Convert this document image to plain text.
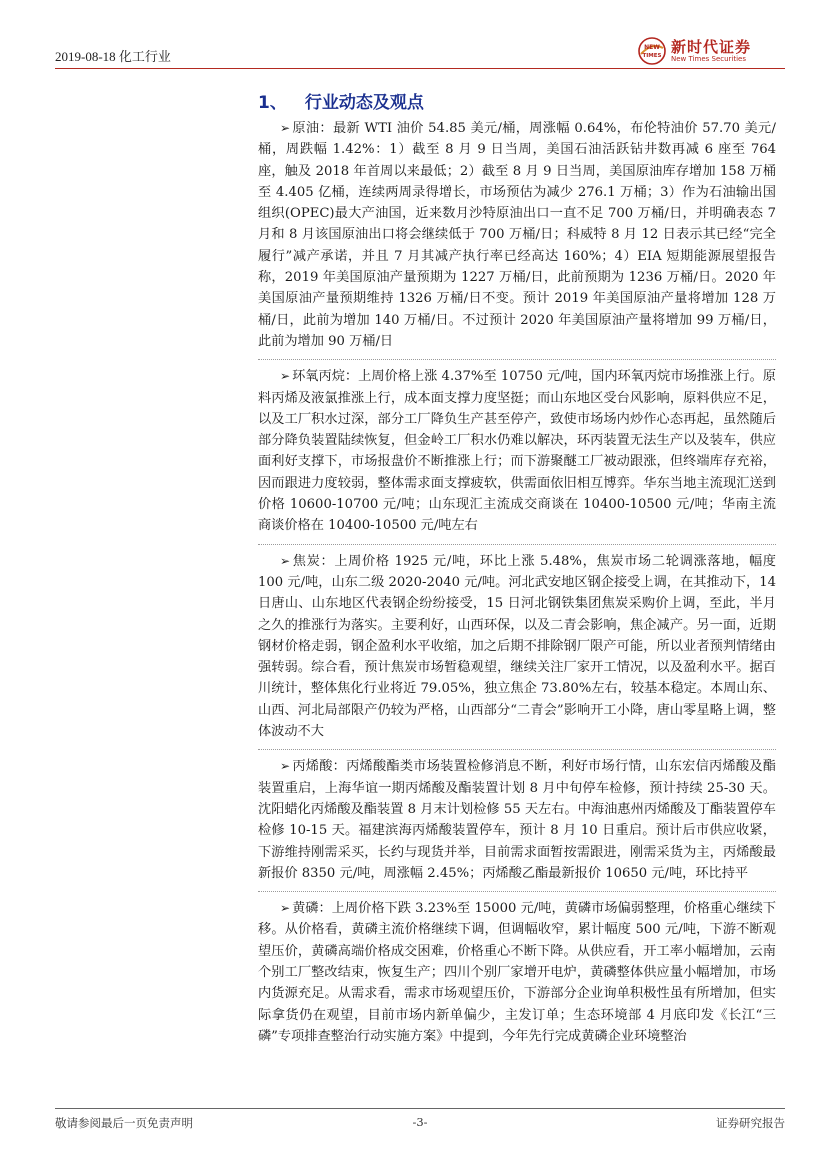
2019-08-18 化工行业
NEW
TIMES 新时代证券
New Times Securities
1、 行业动态及观点

➢ 原油：最新 WTI 油价 54.85 美元/桶，周涨幅 0.64%，布伦特油价 57.70 美元/桶，周跌幅 1.42%：1）截至 8 月 9 日当周，美国石油活跃钻井数再减 6 座至 764 座，触及 2018 年首周以来最低；2）截至 8 月 9 日当周，美国原油库存增加 158 万桶至 4.405 亿桶，连续两周录得增长，市场预估为减少 276.1 万桶；3）作为石油输出国组织(OPEC)最大产油国，近来数月沙特原油出口一直不足 700 万桶/日，并明确表态 7 月和 8 月该国原油出口将会继续低于 700 万桶/日；科威特 8 月 12 日表示其已经“完全履行”减产承诺，并且 7 月其减产执行率已经高达 160%；4）EIA 短期能源展望报告称，2019 年美国原油产量预期为 1227 万桶/日，此前预期为 1236 万桶/日。2020 年美国原油产量预期维持 1326 万桶/日不变。预计 2019 年美国原油产量将增加 128 万桶/日，此前为增加 140 万桶/日。不过预计 2020 年美国原油产量将增加 99 万桶/日，此前为增加 90 万桶/日

➢ 环氧丙烷：上周价格上涨 4.37%至 10750 元/吨，国内环氧丙烷市场推涨上行。原料丙烯及液氯推涨上行，成本面支撑力度坚挺；而山东地区受台风影响，原料供应不足，以及工厂积水过深，部分工厂降负生产甚至停产，致使市场场内炒作心态再起，虽然随后部分降负装置陆续恢复，但金岭工厂积水仍难以解决，环丙装置无法生产以及装车，供应面利好支撑下，市场报盘价不断推涨上行；而下游聚醚工厂被动跟涨，但终端库存充裕，因而跟进力度较弱，整体需求面支撑疲软，供需面依旧相互博弈。华东当地主流现汇送到价格 10600-10700 元/吨；山东现汇主流成交商谈在 10400-10500 元/吨；华南主流商谈价格在 10400-10500 元/吨左右

➢ 焦炭：上周价格 1925 元/吨，环比上涨 5.48%，焦炭市场二轮调涨落地，幅度 100 元/吨，山东二级 2020-2040 元/吨。河北武安地区钢企接受上调，在其推动下，14 日唐山、山东地区代表钢企纷纷接受，15 日河北钢铁集团焦炭采购价上调，至此，半月之久的推涨行为落实。主要利好，山西环保，以及二青会影响，焦企减产。另一面，近期钢材价格走弱，钢企盈利水平收缩，加之后期不排除钢厂限产可能，所以业者预判情绪由强转弱。综合看，预计焦炭市场暂稳观望，继续关注厂家开工情况，以及盈利水平。据百川统计，整体焦化行业将近 79.05%，独立焦企 73.80%左右，较基本稳定。本周山东、山西、河北局部限产仍较为严格，山西部分“二青会”影响开工小降，唐山零星略上调，整体波动不大

➢ 丙烯酸：丙烯酸酯类市场装置检修消息不断，利好市场行情，山东宏信丙烯酸及酯装置重启，上海华谊一期丙烯酸及酯装置计划 8 月中旬停车检修，预计持续 25-30 天。沈阳蜡化丙烯酸及酯装置 8 月末计划检修 55 天左右。中海油惠州丙烯酸及丁酯装置停车检修 10-15 天。福建滨海丙烯酸装置停车，预计 8 月 10 日重启。预计后市供应收紧，下游维持刚需采买，长约与现货并举，目前需求面暂按需跟进，刚需采货为主，丙烯酸最新报价 8350 元/吨，周涨幅 2.45%；丙烯酸乙酯最新报价 10650 元/吨，环比持平

➢ 黄磷：上周价格下跌 3.23%至 15000 元/吨，黄磷市场偏弱整理，价格重心继续下移。从价格看，黄磷主流价格继续下调，但调幅收窄，累计幅度 500 元/吨，下游不断观望压价，黄磷高端价格成交困难，价格重心不断下降。从供应看，开工率小幅增加，云南个别工厂整改结束，恢复生产；四川个别厂家增开电炉，黄磷整体供应量小幅增加，市场内货源充足。从需求看，需求市场观望压价，下游部分企业询单积极性虽有所增加，但实际拿货仍在观望，目前市场内新单偏少，主发订单；生态环境部 4 月底印发《长江“三磷”专项排查整治行动实施方案》中提到，今年先行完成黄磷企业环境整治

敬请参阅最后一页免责声明	-3-	证券研究报告
